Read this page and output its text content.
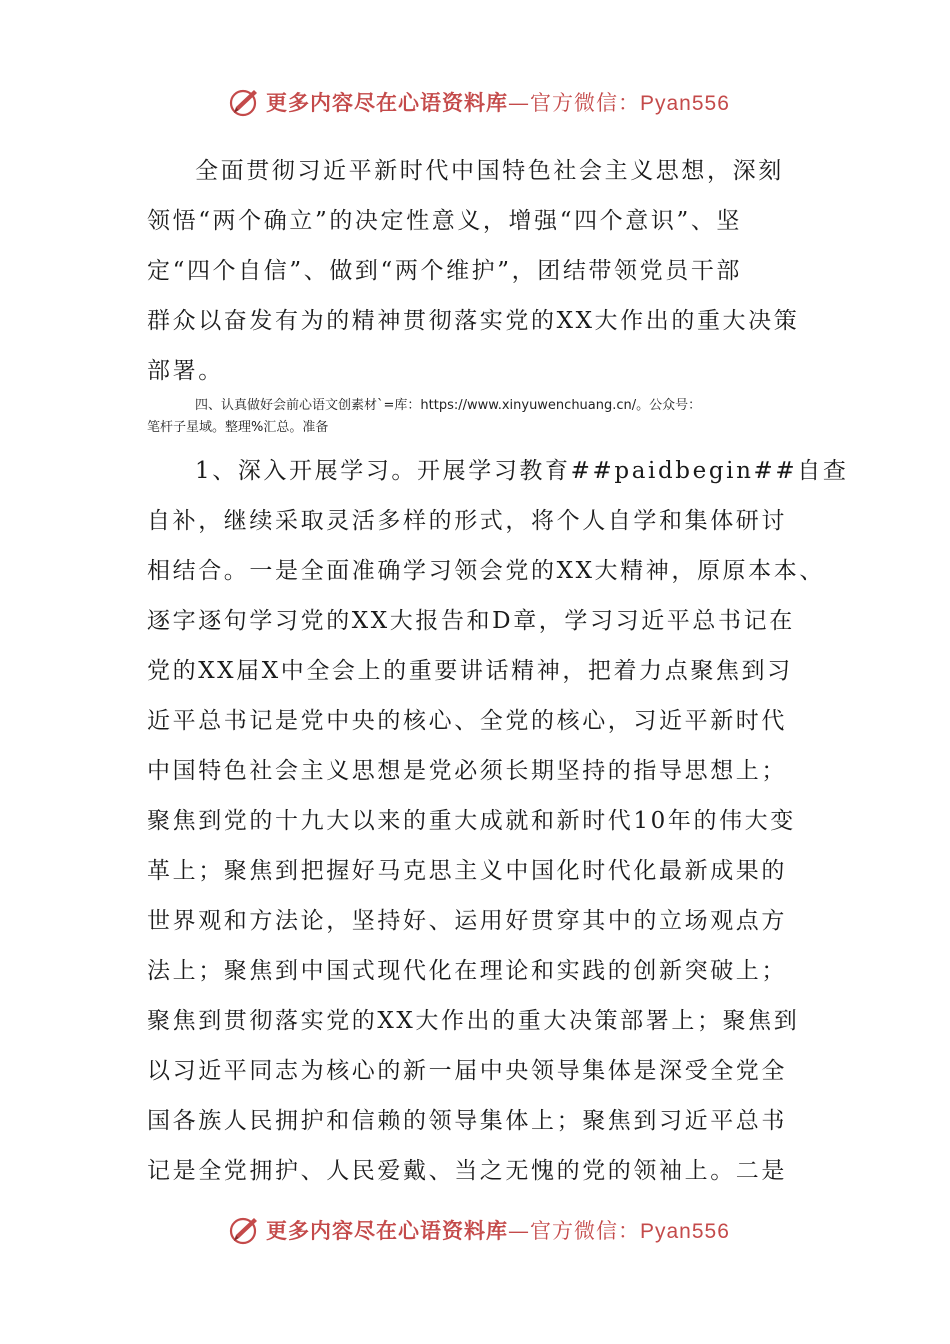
更多内容尽在心语资料库—官方微信：Pyan556
全面贯彻习近平新时代中国特色社会主义思想，深刻
领悟“两个确立”的决定性意义，增强“四个意识”、坚
定“四个自信”、做到“两个维护”，团结带领党员干部
群众以奋发有为的精神贯彻落实党的XX大作出的重大决策
部署。
四、认真做好会前心语文创素材`=库：https://www.xinyuwenchuang.cn/。公众号：
笔杆子星域。整理%汇总。准备
1、深入开展学习。开展学习教育##paidbegin##自查
自补，继续采取灵活多样的形式，将个人自学和集体研讨
相结合。一是全面准确学习领会党的XX大精神，原原本本、
逐字逐句学习党的XX大报告和D章，学习习近平总书记在
党的XX届X中全会上的重要讲话精神，把着力点聚焦到习
近平总书记是党中央的核心、全党的核心，习近平新时代
中国特色社会主义思想是党必须长期坚持的指导思想上；
聚焦到党的十九大以来的重大成就和新时代10年的伟大变
革上；聚焦到把握好马克思主义中国化时代化最新成果的
世界观和方法论，坚持好、运用好贯穿其中的立场观点方
法上；聚焦到中国式现代化在理论和实践的创新突破上；
聚焦到贯彻落实党的XX大作出的重大决策部署上；聚焦到
以习近平同志为核心的新一届中央领导集体是深受全党全
国各族人民拥护和信赖的领导集体上；聚焦到习近平总书
记是全党拥护、人民爱戴、当之无愧的党的领袖上。二是
更多内容尽在心语资料库—官方微信：Pyan556
